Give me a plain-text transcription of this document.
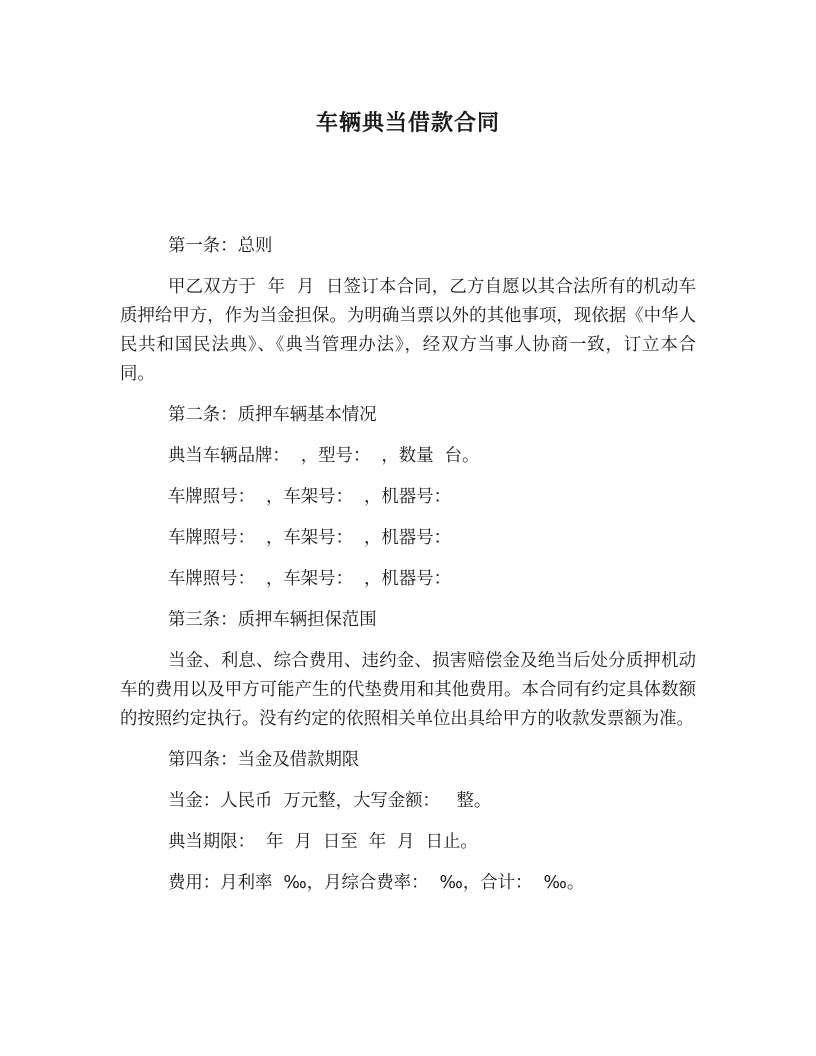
车辆典当借款合同

第一条：总则

甲乙双方于  年  月  日签订本合同，乙方自愿以其合法所有的机动车质押给甲方，作为当金担保。为明确当票以外的其他事项，现依据《中华人民共和国民法典》、《典当管理办法》，经双方当事人协商一致，订立本合同。

第二条：质押车辆基本情况

典当车辆品牌：  ，型号：  ，数量  台。

车牌照号：  ，车架号：  ，机器号：

车牌照号：  ，车架号：  ，机器号：

车牌照号：  ，车架号：  ，机器号：

第三条：质押车辆担保范围

当金、利息、综合费用、违约金、损害赔偿金及绝当后处分质押机动车的费用以及甲方可能产生的代垫费用和其他费用。本合同有约定具体数额的按照约定执行。没有约定的依照相关单位出具给甲方的收款发票额为准。

第四条：当金及借款期限

当金：人民币  万元整，大写金额：   整。

典当期限：  年  月  日至  年  月  日止。

费用：月利率  ‰，月综合费率：  ‰，合计：  ‰。
